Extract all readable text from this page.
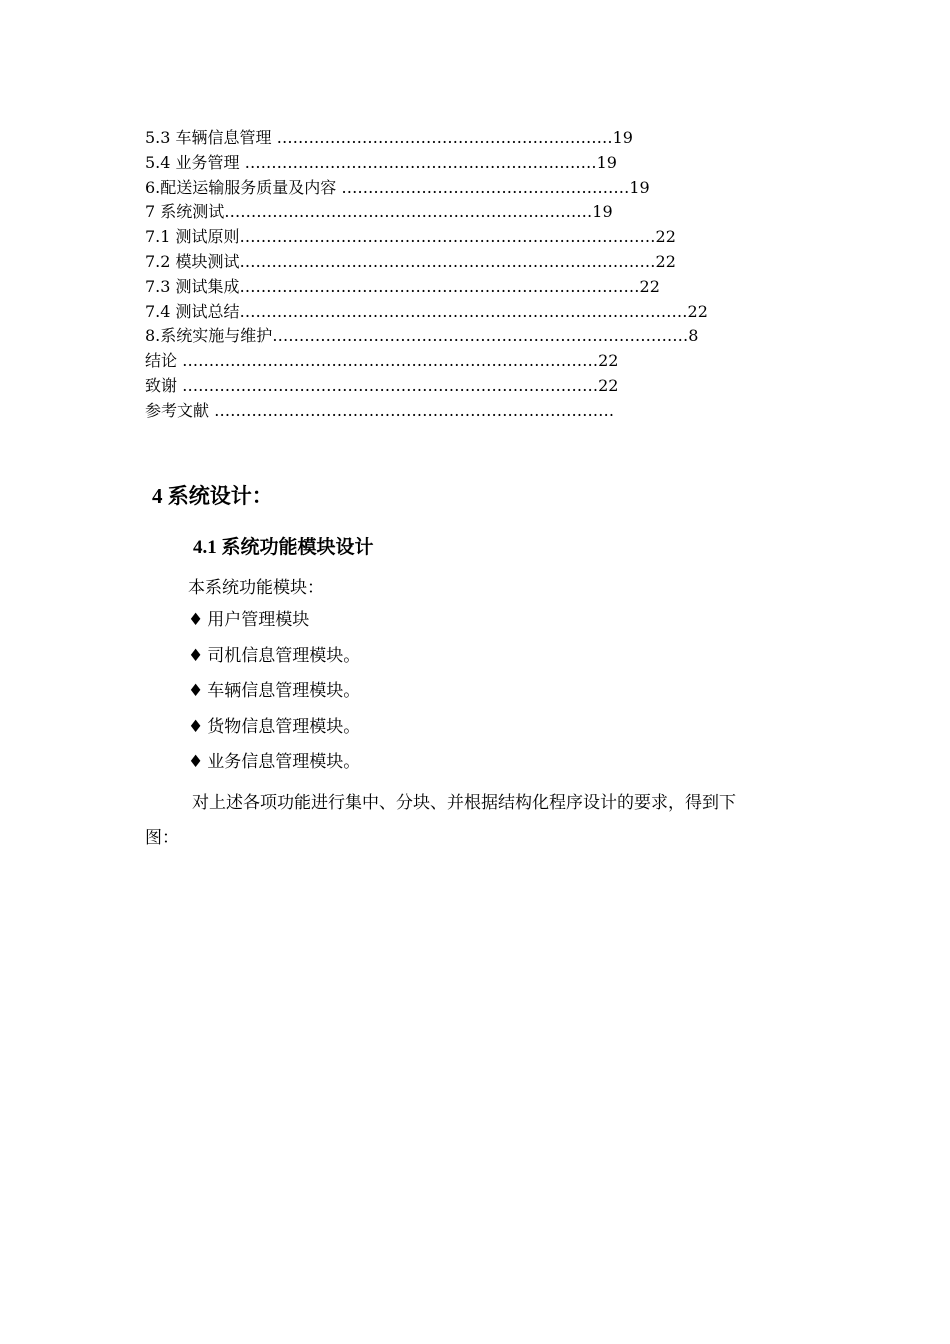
5.3 车辆信息管理 ………………………………………………………19
5.4 业务管理 …………………………………………………………19
6.配送运输服务质量及内容 ………………………………………………19
7 系统测试……………………………………………………………19
7.1 测试原则……………………………………………………………………22
7.2 模块测试……………………………………………………………………22
7.3 测试集成…………………………………………………………………22
7.4 测试总结…………………………………………………………………………22
8.系统实施与维护……………………………………………………………………8
结论 ……………………………………………………………………22
致谢 ……………………………………………………………………22
参考文献 …………………………………………………………………
4 系统设计：
4.1 系统功能模块设计
本系统功能模块：
♦ 用户管理模块
♦ 司机信息管理模块。
♦ 车辆信息管理模块。
♦ 货物信息管理模块。
♦ 业务信息管理模块。
对上述各项功能进行集中、分块、并根据结构化程序设计的要求，得到下
图：
